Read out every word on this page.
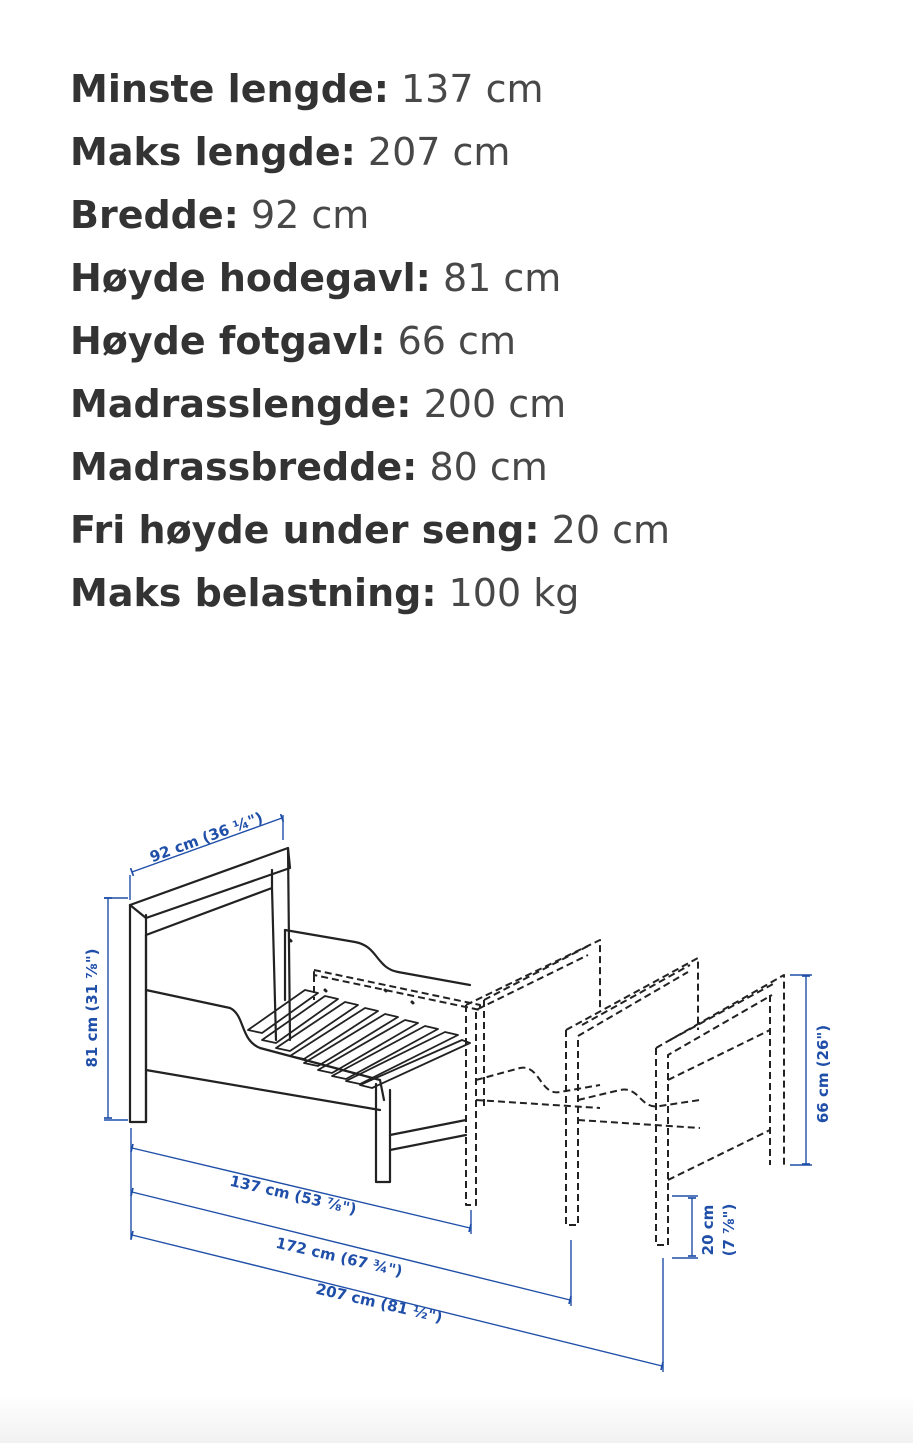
Minste lengde: 137 cm
Maks lengde: 207 cm
Bredde: 92 cm
Høyde hodegavl: 81 cm
Høyde fotgavl: 66 cm
Madrasslengde: 200 cm
Madrassbredde: 80 cm
Fri høyde under seng: 20 cm
Maks belastning: 100 kg
92 cm (36 ¼")
81 cm (31 ⅞")
66 cm (26")
20 cm (7 ⅞")
137 cm (53 ⅞")
172 cm (67 ¾")
207 cm (81 ½")
